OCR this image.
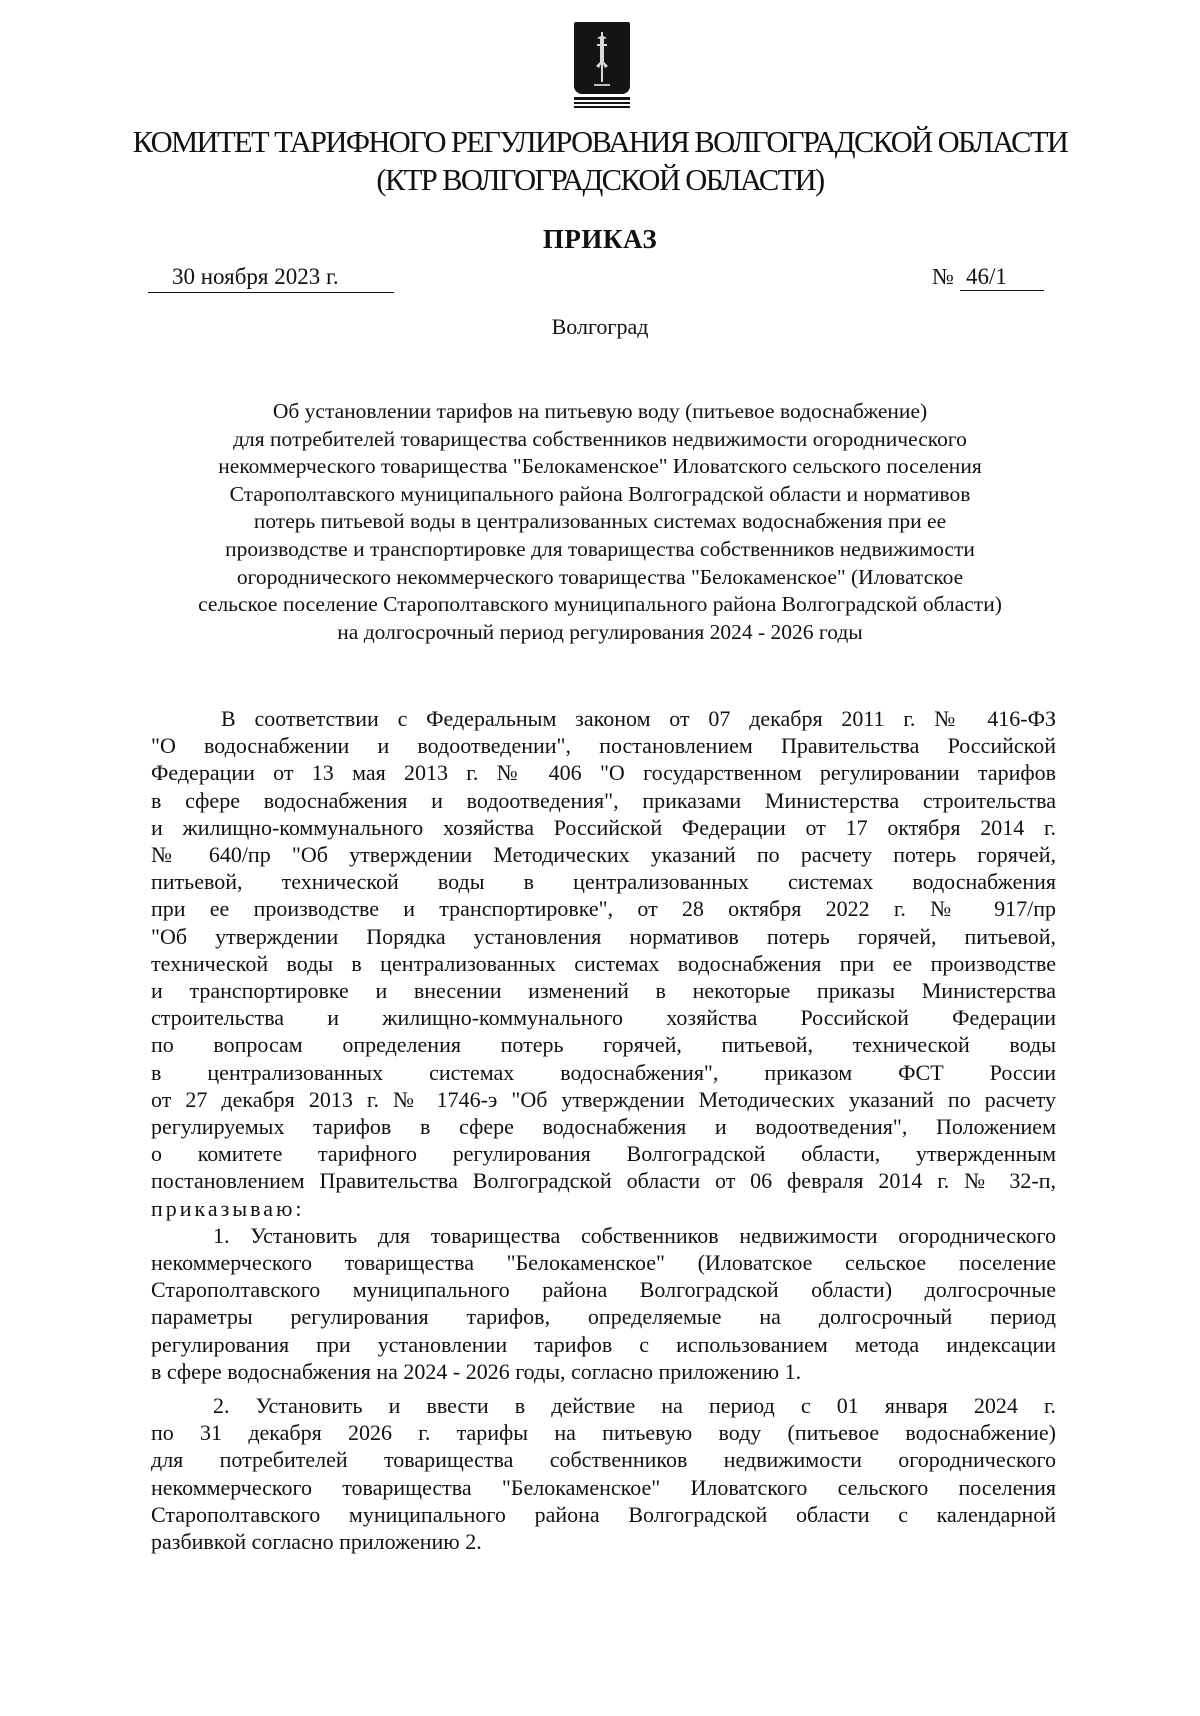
КОМИТЕТ ТАРИФНОГО РЕГУЛИРОВАНИЯ ВОЛГОГРАДСКОЙ ОБЛАСТИ
(КТР ВОЛГОГРАДСКОЙ ОБЛАСТИ)
ПРИКАЗ
30 ноября 2023 г.	№ 46/1
Волгоград
Об установлении тарифов на питьевую воду (питьевое водоснабжение)
для потребителей товарищества собственников недвижимости огороднического
некоммерческого товарищества "Белокаменское" Иловатского сельского поселения
Старополтавского муниципального района Волгоградской области и нормативов
потерь питьевой воды в централизованных системах водоснабжения при ее
производстве и транспортировке для товарищества собственников недвижимости
огороднического некоммерческого товарищества "Белокаменское" (Иловатское
сельское поселение Старополтавского муниципального района Волгоградской области)
на долгосрочный период регулирования 2024 - 2026 годы
В соответствии с Федеральным законом от 07 декабря 2011 г. № 416-ФЗ
"О водоснабжении и водоотведении", постановлением Правительства Российской
Федерации от 13 мая 2013 г. № 406 "О государственном регулировании тарифов
в сфере водоснабжения и водоотведения", приказами Министерства строительства
и жилищно-коммунального хозяйства Российской Федерации от 17 октября 2014 г.
№ 640/пр "Об утверждении Методических указаний по расчету потерь горячей,
питьевой, технической воды в централизованных системах водоснабжения
при ее производстве и транспортировке", от 28 октября 2022 г. № 917/пр
"Об утверждении Порядка установления нормативов потерь горячей, питьевой,
технической воды в централизованных системах водоснабжения при ее производстве
и транспортировке и внесении изменений в некоторые приказы Министерства
строительства и жилищно-коммунального хозяйства Российской Федерации
по вопросам определения потерь горячей, питьевой, технической воды
в централизованных системах водоснабжения", приказом ФСТ России
от 27 декабря 2013 г. № 1746-э "Об утверждении Методических указаний по расчету
регулируемых тарифов в сфере водоснабжения и водоотведения", Положением
о комитете тарифного регулирования Волгоградской области, утвержденным
постановлением Правительства Волгоградской области от 06 февраля 2014 г. № 32-п,
приказываю:
1. Установить для товарищества собственников недвижимости огороднического
некоммерческого товарищества "Белокаменское" (Иловатское сельское поселение
Старополтавского муниципального района Волгоградской области) долгосрочные
параметры регулирования тарифов, определяемые на долгосрочный период
регулирования при установлении тарифов с использованием метода индексации
в сфере водоснабжения на 2024 - 2026 годы, согласно приложению 1.
2. Установить и ввести в действие на период с 01 января 2024 г.
по 31 декабря 2026 г. тарифы на питьевую воду (питьевое водоснабжение)
для потребителей товарищества собственников недвижимости огороднического
некоммерческого товарищества "Белокаменское" Иловатского сельского поселения
Старополтавского муниципального района Волгоградской области с календарной
разбивкой согласно приложению 2.
